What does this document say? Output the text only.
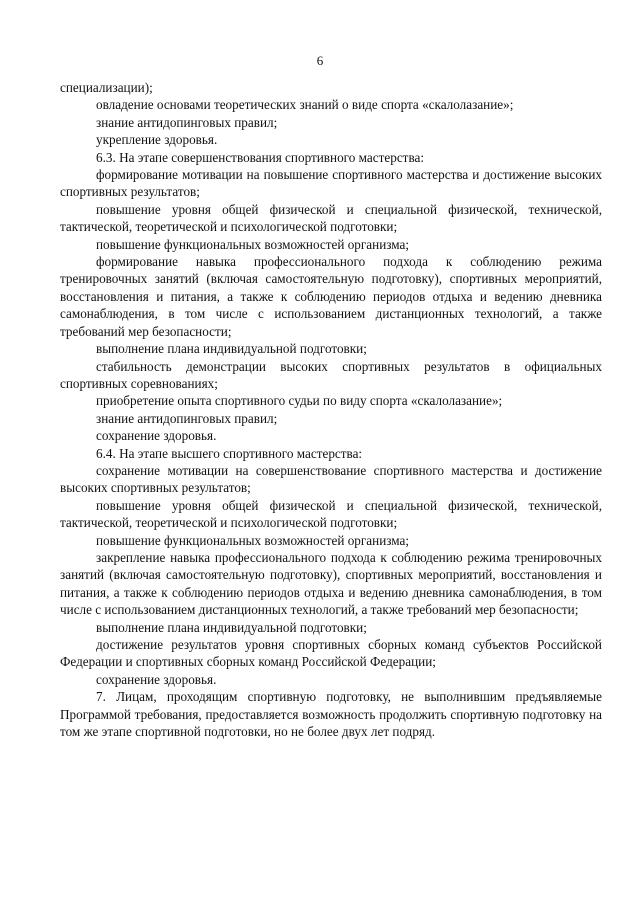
6

специализации);

овладение основами теоретических знаний о виде спорта «скалолазание»;

знание антидопинговых правил;

укрепление здоровья.

6.3. На этапе совершенствования спортивного мастерства:

формирование мотивации на повышение спортивного мастерства и достижение высоких спортивных результатов;

повышение уровня общей физической и специальной физической, технической, тактической, теоретической и психологической подготовки;

повышение функциональных возможностей организма;

формирование навыка профессионального подхода к соблюдению режима тренировочных занятий (включая самостоятельную подготовку), спортивных мероприятий, восстановления и питания, а также к соблюдению периодов отдыха и ведению дневника самонаблюдения, в том числе с использованием дистанционных технологий, а также требований мер безопасности;

выполнение плана индивидуальной подготовки;

стабильность демонстрации высоких спортивных результатов в официальных спортивных соревнованиях;

приобретение опыта спортивного судьи по виду спорта «скалолазание»;

знание антидопинговых правил;

сохранение здоровья.

6.4. На этапе высшего спортивного мастерства:

сохранение мотивации на совершенствование спортивного мастерства и достижение высоких спортивных результатов;

повышение уровня общей физической и специальной физической, технической, тактической, теоретической и психологической подготовки;

повышение функциональных возможностей организма;

закрепление навыка профессионального подхода к соблюдению режима тренировочных занятий (включая самостоятельную подготовку), спортивных мероприятий, восстановления и питания, а также к соблюдению периодов отдыха и ведению дневника самонаблюдения, в том числе с использованием дистанционных технологий, а также требований мер безопасности;

выполнение плана индивидуальной подготовки;

достижение результатов уровня спортивных сборных команд субъектов Российской Федерации и спортивных сборных команд Российской Федерации;

сохранение здоровья.

7. Лицам, проходящим спортивную подготовку, не выполнившим предъявляемые Программой требования, предоставляется возможность продолжить спортивную подготовку на том же этапе спортивной подготовки, но не более двух лет подряд.
